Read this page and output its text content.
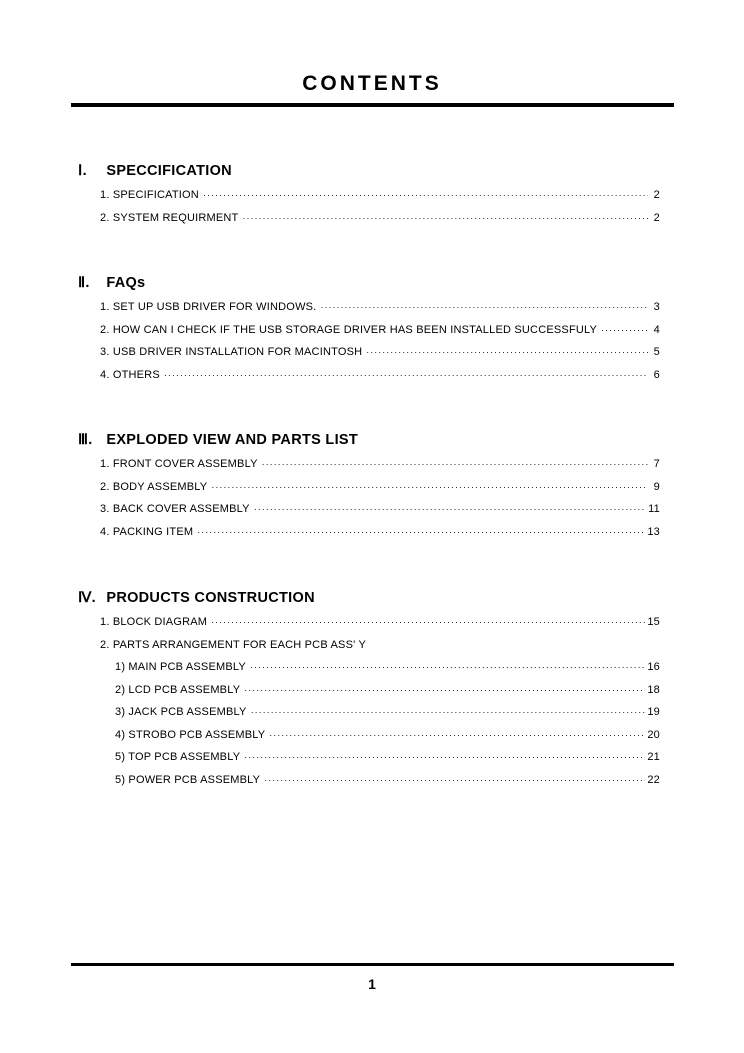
CONTENTS
Ⅰ. SPECCIFICATION
1. SPECIFICATION ·····	2
2. SYSTEM REQUIRMENT ·····	2
Ⅱ. FAQs
1. SET UP USB DRIVER FOR WINDOWS. ·····	3
2. HOW CAN I CHECK IF THE USB STORAGE DRIVER HAS BEEN INSTALLED SUCCESSFULY ·····	4
3. USB DRIVER INSTALLATION FOR MACINTOSH ·····	5
4. OTHERS ·····	6
Ⅲ. EXPLODED VIEW AND PARTS LIST
1. FRONT COVER ASSEMBLY ·····	7
2. BODY ASSEMBLY ·····	9
3. BACK COVER ASSEMBLY ·····	11
4. PACKING ITEM ·····	13
Ⅳ. PRODUCTS CONSTRUCTION
1. BLOCK DIAGRAM ·····	15
2. PARTS ARRANGEMENT FOR EACH PCB ASS' Y
1) MAIN PCB ASSEMBLY ·····	16
2) LCD PCB ASSEMBLY ·····	18
3) JACK PCB ASSEMBLY ·····	19
4) STROBO PCB ASSEMBLY ·····	20
5) TOP PCB ASSEMBLY ·····	21
5) POWER PCB ASSEMBLY ·····	22
1
